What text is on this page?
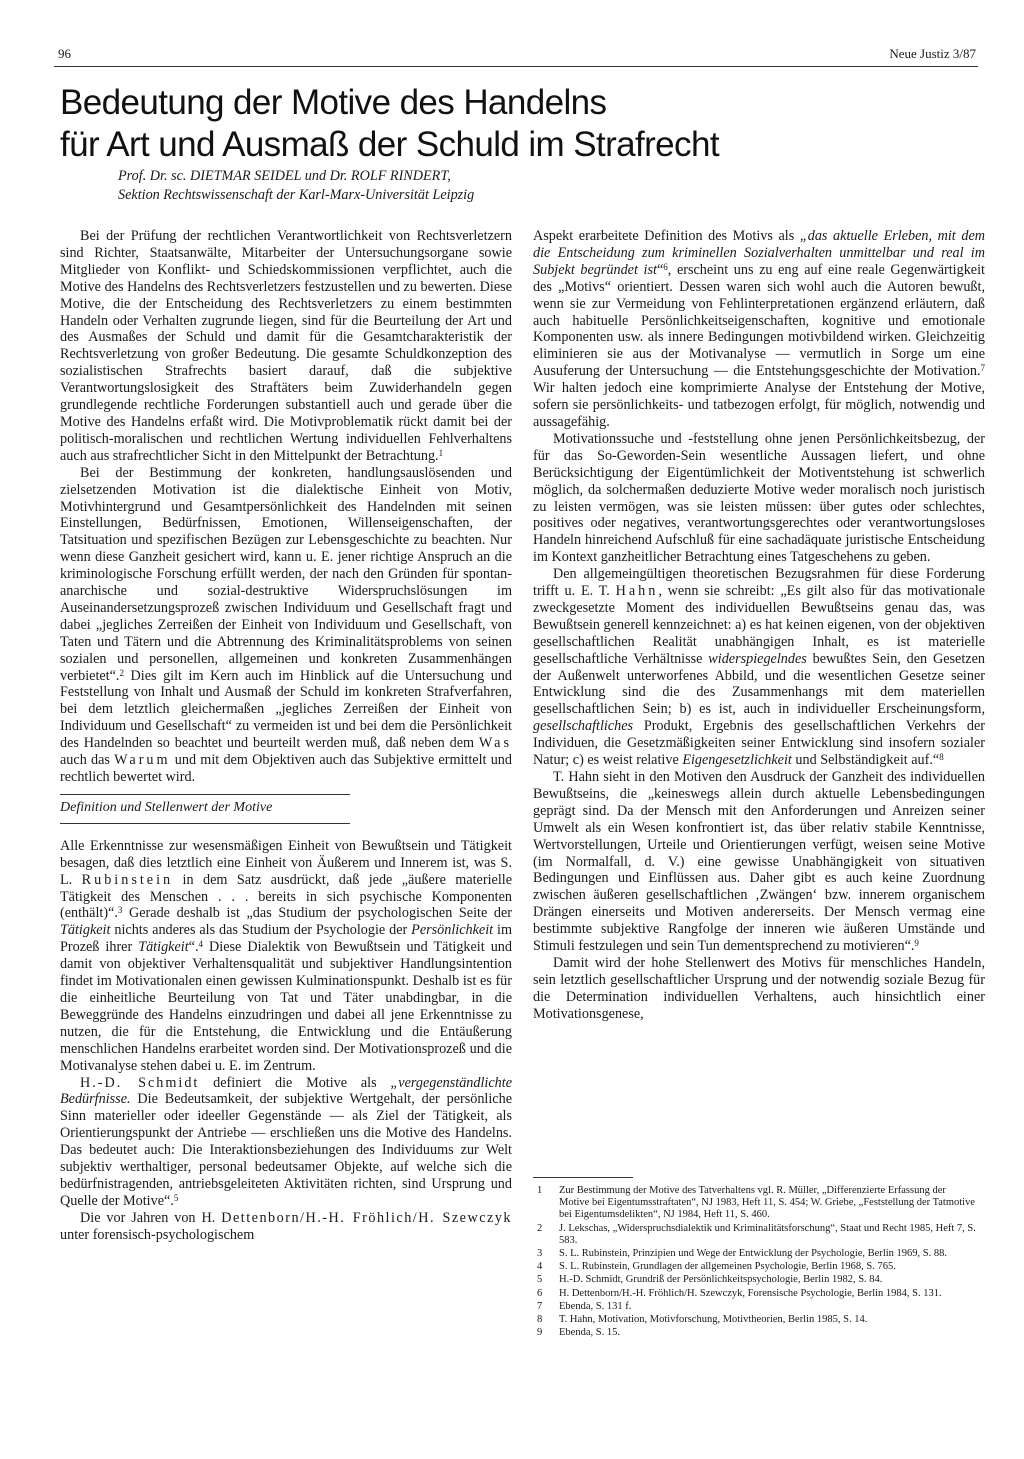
96	Neue Justiz 3/87
Bedeutung der Motive des Handelns
für Art und Ausmaß der Schuld im Strafrecht
Prof. Dr. sc. DIETMAR SEIDEL und Dr. ROLF RINDERT,
Sektion Rechtswissenschaft der Karl-Marx-Universität Leipzig

Bei der Prüfung der rechtlichen Verantwortlichkeit von Rechtsverletzern sind Richter, Staatsanwälte, Mitarbeiter der Untersuchungsorgane sowie Mitglieder von Konflikt- und Schiedskommissionen verpflichtet, auch die Motive des Handelns des Rechtsverletzers festzustellen und zu bewerten. Diese Motive, die der Entscheidung des Rechtsverletzers zu einem bestimmten Handeln oder Verhalten zugrunde liegen, sind für die Beurteilung der Art und des Ausmaßes der Schuld und damit für die Gesamtcharakteristik der Rechtsverletzung von großer Bedeutung. Die gesamte Schuldkonzeption des sozialistischen Strafrechts basiert darauf, daß die subjektive Verantwortungslosigkeit des Straftäters beim Zuwiderhandeln gegen grundlegende rechtliche Forderungen substantiell auch und gerade über die Motive des Handelns erfaßt wird. Die Motivproblematik rückt damit bei der politisch-moralischen und rechtlichen Wertung individuellen Fehlverhaltens auch aus strafrechtlicher Sicht in den Mittelpunkt der Betrachtung.$^1$

Bei der Bestimmung der konkreten, handlungsauslösenden und zielsetzenden Motivation ist die dialektische Einheit von Motiv, Motivhintergrund und Gesamtpersönlichkeit des Handelnden mit seinen Einstellungen, Bedürfnissen, Emotionen, Willenseigenschaften, der Tatsituation und spezifischen Bezügen zur Lebensgeschichte zu beachten. Nur wenn diese Ganzheit gesichert wird, kann u. E. jener richtige Anspruch an die kriminologische Forschung erfüllt werden, der nach den Gründen für spontan-anarchische und sozial-destruktive Widerspruchslösungen im Auseinandersetzungsprozeß zwischen Individuum und Gesellschaft fragt und dabei „jegliches Zerreißen der Einheit von Individuum und Gesellschaft, von Taten und Tätern und die Abtrennung des Kriminalitätsproblems von seinen sozialen und personellen, allgemeinen und konkreten Zusammenhängen verbietet“.$^2$ Dies gilt im Kern auch im Hinblick auf die Untersuchung und Feststellung von Inhalt und Ausmaß der Schuld im konkreten Strafverfahren, bei dem letztlich gleichermaßen „jegliches Zerreißen der Einheit von Individuum und Gesellschaft“ zu vermeiden ist und bei dem die Persönlichkeit des Handelnden so beachtet und beurteilt werden muß, daß neben dem Was auch das Warum und mit dem Objektiven auch das Subjektive ermittelt und rechtlich bewertet wird.

Definition und Stellenwert der Motive

Alle Erkenntnisse zur wesensmäßigen Einheit von Bewußtsein und Tätigkeit besagen, daß dies letztlich eine Einheit von Äußerem und Innerem ist, was S. L. Rubinstein in dem Satz ausdrückt, daß jede „äußere materielle Tätigkeit des Menschen . . . bereits in sich psychische Komponenten (enthält)“.$^3$ Gerade deshalb ist „das Studium der psychologischen Seite der Tätigkeit nichts anderes als das Studium der Psychologie der Persönlichkeit im Prozeß ihrer Tätigkeit“.$^4$ Diese Dialektik von Bewußtsein und Tätigkeit und damit von objektiver Verhaltensqualität und subjektiver Handlungsintention findet im Motivationalen einen gewissen Kulminationspunkt. Deshalb ist es für die einheitliche Beurteilung von Tat und Täter unabdingbar, in die Beweggründe des Handelns einzudringen und dabei all jene Erkenntnisse zu nutzen, die für die Entstehung, die Entwicklung und die Entäußerung menschlichen Handelns erarbeitet worden sind. Der Motivationsprozeß und die Motivanalyse stehen dabei u. E. im Zentrum.

H.-D. Schmidt definiert die Motive als „vergegenständlichte Bedürfnisse. Die Bedeutsamkeit, der subjektive Wertgehalt, der persönliche Sinn materieller oder ideeller Gegenstände — als Ziel der Tätigkeit, als Orientierungspunkt der Antriebe — erschließen uns die Motive des Handelns. Das bedeutet auch: Die Interaktionsbeziehungen des Individuums zur Welt subjektiv werthaltiger, personal bedeutsamer Objekte, auf welche sich die bedürfnistragenden, antriebsgeleiteten Aktivitäten richten, sind Ursprung und Quelle der Motive“.$^5$

Die vor Jahren von H. Dettenborn/H.-H. Fröhlich/H. Szewczyk unter forensisch-psychologischem

Aspekt erarbeitete Definition des Motivs als „das aktuelle Erleben, mit dem die Entscheidung zum kriminellen Sozialverhalten unmittelbar und real im Subjekt begründet ist“$^6$, erscheint uns zu eng auf eine reale Gegenwärtigkeit des „Motivs“ orientiert. Dessen waren sich wohl auch die Autoren bewußt, wenn sie zur Vermeidung von Fehlinterpretationen ergänzend erläutern, daß auch habituelle Persönlichkeitseigenschaften, kognitive und emotionale Komponenten usw. als innere Bedingungen motivbildend wirken. Gleichzeitig eliminieren sie aus der Motivanalyse — vermutlich in Sorge um eine Ausuferung der Untersuchung — die Entstehungsgeschichte der Motivation.$^7$ Wir halten jedoch eine komprimierte Analyse der Entstehung der Motive, sofern sie persönlichkeits- und tatbezogen erfolgt, für möglich, notwendig und aussagefähig.

Motivationssuche und -feststellung ohne jenen Persönlichkeitsbezug, der für das So-Geworden-Sein wesentliche Aussagen liefert, und ohne Berücksichtigung der Eigentümlichkeit der Motiventstehung ist schwerlich möglich, da solchermaßen deduzierte Motive weder moralisch noch juristisch zu leisten vermögen, was sie leisten müssen: über gutes oder schlechtes, positives oder negatives, verantwortungsgerechtes oder verantwortungsloses Handeln hinreichend Aufschluß für eine sachadäquate juristische Entscheidung im Kontext ganzheitlicher Betrachtung eines Tatgeschehens zu geben.

Den allgemeingültigen theoretischen Bezugsrahmen für diese Forderung trifft u. E. T. Hahn, wenn sie schreibt: „Es gilt also für das motivationale zweckgesetzte Moment des individuellen Bewußtseins genau das, was Bewußtsein generell kennzeichnet: a) es hat keinen eigenen, von der objektiven gesellschaftlichen Realität unabhängigen Inhalt, es ist materielle gesellschaftliche Verhältnisse widerspiegelndes bewußtes Sein, den Gesetzen der Außenwelt unterworfenes Abbild, und die wesentlichen Gesetze seiner Entwicklung sind die des Zusammenhangs mit dem materiellen gesellschaftlichen Sein; b) es ist, auch in individueller Erscheinungsform, gesellschaftliches Produkt, Ergebnis des gesellschaftlichen Verkehrs der Individuen, die Gesetzmäßigkeiten seiner Entwicklung sind insofern sozialer Natur; c) es weist relative Eigengesetzlichkeit und Selbständigkeit auf.“$^8$

T. Hahn sieht in den Motiven den Ausdruck der Ganzheit des individuellen Bewußtseins, die „keineswegs allein durch aktuelle Lebensbedingungen geprägt sind. Da der Mensch mit den Anforderungen und Anreizen seiner Umwelt als ein Wesen konfrontiert ist, das über relativ stabile Kenntnisse, Wertvorstellungen, Urteile und Orientierungen verfügt, weisen seine Motive (im Normalfall, d. V.) eine gewisse Unabhängigkeit von situativen Bedingungen und Einflüssen aus. Daher gibt es auch keine Zuordnung zwischen äußeren gesellschaftlichen ‚Zwängen‘ bzw. innerem organischem Drängen einerseits und Motiven andererseits. Der Mensch vermag eine bestimmte subjektive Rangfolge der inneren wie äußeren Umstände und Stimuli festzulegen und sein Tun dementsprechend zu motivieren“.$^9$

Damit wird der hohe Stellenwert des Motivs für menschliches Handeln, sein letztlich gesellschaftlicher Ursprung und der notwendig soziale Bezug für die Determination individuellen Verhaltens, auch hinsichtlich einer Motivationsgenese,

1	Zur Bestimmung der Motive des Tatverhaltens vgl. R. Müller, „Differenzierte Erfassung der Motive bei Eigentumsstraftaten“, NJ 1983, Heft 11, S. 454; W. Griebe, „Feststellung der Tatmotive bei Eigentumsdelikten“, NJ 1984, Heft 11, S. 460.
2	J. Lekschas, „Widerspruchsdialektik und Kriminalitätsforschung“, Staat und Recht 1985, Heft 7, S. 583.
3	S. L. Rubinstein, Prinzipien und Wege der Entwicklung der Psychologie, Berlin 1969, S. 88.
4	S. L. Rubinstein, Grundlagen der allgemeinen Psychologie, Berlin 1968, S. 765.
5	H.-D. Schmidt, Grundriß der Persönlichkeitspsychologie, Berlin 1982, S. 84.
6	H. Dettenborn/H.-H. Fröhlich/H. Szewczyk, Forensische Psychologie, Berlin 1984, S. 131.
7	Ebenda, S. 131 f.
8	T. Hahn, Motivation, Motivforschung, Motivtheorien, Berlin 1985, S. 14.
9	Ebenda, S. 15.
